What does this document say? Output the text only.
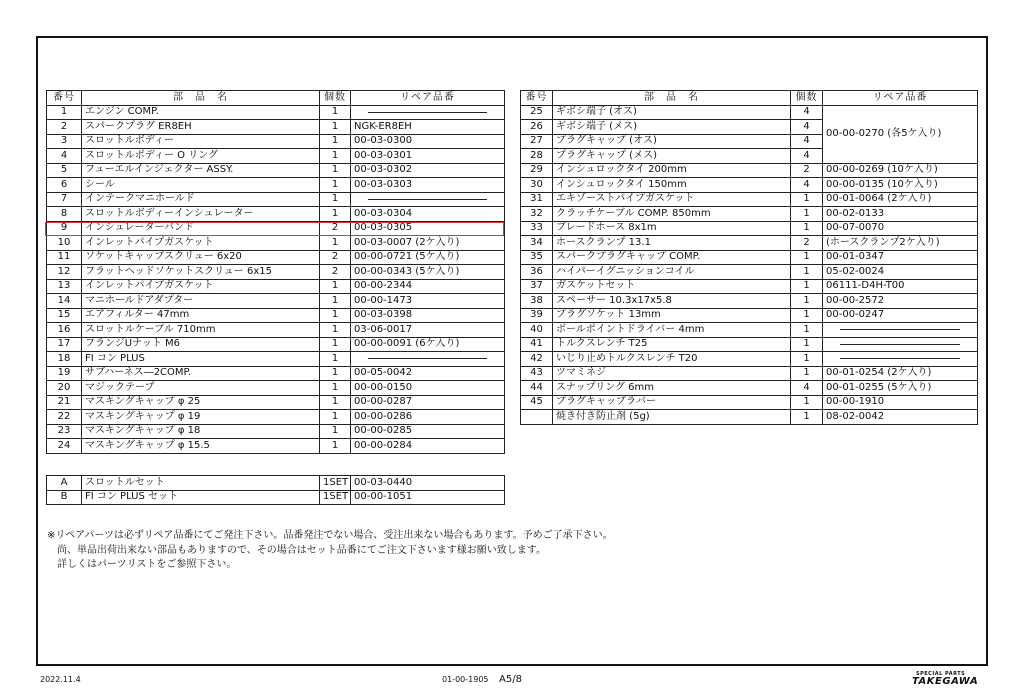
番号	部　品　名	個数	リペア品番
1	エンジン COMP.	1	

2	スパークプラグ ER8EH	1	NGK-ER8EH
3	スロットルボディー	1	00-03-0300
4	スロットルボディー O リング	1	00-03-0301
5	フューエルインジェクター ASSY.	1	00-03-0302
6	シール	1	00-03-0303
7	インテークマニホールド	1	

8	スロットルボディーインシュレーター	1	00-03-0304
9	インシュレーターバンド	2	00-03-0305
10	インレットパイプガスケット	1	00-03-0007 (2ケ入り)
11	ソケットキャップスクリュー 6x20	2	00-00-0721 (5ケ入り)
12	フラットヘッドソケットスクリュー 6x15	2	00-00-0343 (5ケ入り)
13	インレットパイプガスケット	1	00-00-2344
14	マニホールドアダプター	1	00-00-1473
15	エアフィルター 47mm	1	00-03-0398
16	スロットルケーブル 710mm	1	03-06-0017
17	フランジUナット M6	1	00-00-0091 (6ケ入り)
18	FI コン PLUS	1	

19	サブハーネス―2COMP.	1	00-05-0042
20	マジックテープ	1	00-00-0150
21	マスキングキャップ φ 25	1	00-00-0287
22	マスキングキャップ φ 19	1	00-00-0286
23	マスキングキャップ φ 18	1	00-00-0285
24	マスキングキャップ φ 15.5	1	00-00-0284
番号	部　品　名	個数	リペア品番
25	ギボシ端子 (オス)	4	00-00-0270 (各5ケ入り)
26	ギボシ端子 (メス)	4	
27	プラグキャップ (オス)	4	
28	プラグキャップ (メス)	4	
29	インシュロックタイ 200mm	2	00-00-0269 (10ケ入り)
30	インシュロックタイ 150mm	4	00-00-0135 (10ケ入り)
31	エキゾーストパイプガスケット	1	00-01-0064 (2ケ入り)
32	クラッチケーブル COMP. 850mm	1	00-02-0133
33	ブレードホース 8x1m	1	00-07-0070
34	ホースクランプ 13.1	2	(ホースクランプ2ケ入り)
35	スパークプラグキャップ COMP.	1	00-01-0347
36	ハイパーイグニッションコイル	1	05-02-0024
37	ガスケットセット	1	06111-D4H-T00
38	スペーサー 10.3x17x5.8	1	00-00-2572
39	プラグソケット 13mm	1	00-00-0247
40	ボールポイントドライバー 4mm	1	

41	トルクスレンチ T25	1	

42	いじり止めトルクスレンチ T20	1	

43	ツマミネジ	1	00-01-0254 (2ケ入り)
44	スナップリング 6mm	4	00-01-0255 (5ケ入り)
45	プラグキャップラバー	1	00-00-1910
	焼き付き防止剤 (5g)	1	08-02-0042
A	スロットルセット	1SET	00-03-0440
B	FI コン PLUS セット	1SET	00-00-1051
※リペアパーツは必ずリペア品番にてご発注下さい。品番発注でない場合、受注出来ない場合もあります。予めご了承下さい。
　尚、単品出荷出来ない部品もありますので、その場合はセット品番にてご注文下さいます様お願い致します。
　詳しくはパーツリストをご参照下さい。
2022.11.4	01-00-1905 A5/8	SPECIAL PARTS
TAKEGAWA
